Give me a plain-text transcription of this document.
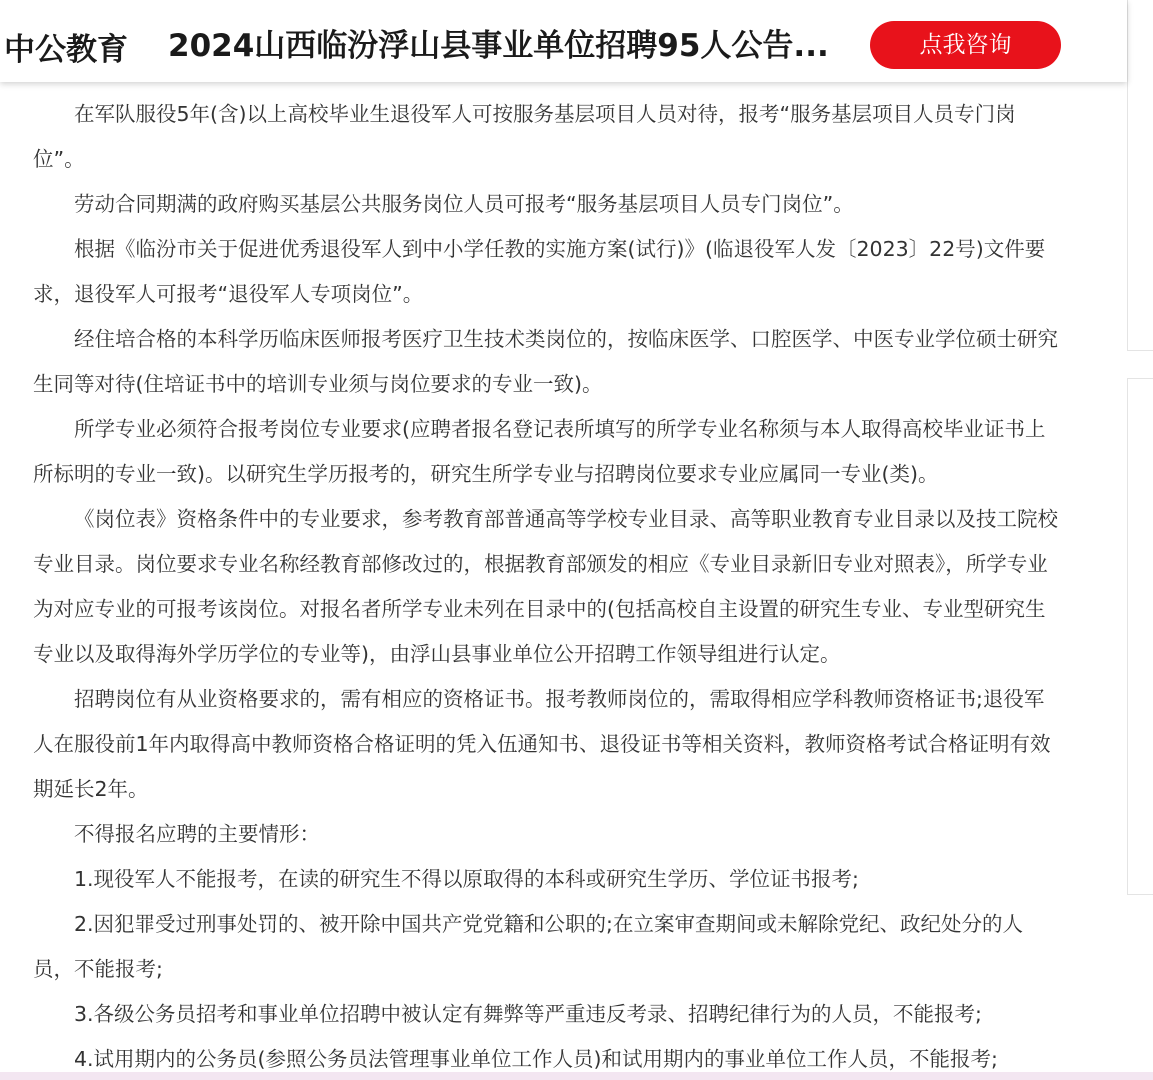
中公教育 2024山西临汾浮山县事业单位招聘95人公告...	点我咨询

在军队服役5年(含)以上高校毕业生退役军人可按服务基层项目人员对待，报考“服务基层项目人员专门岗位”。

劳动合同期满的政府购买基层公共服务岗位人员可报考“服务基层项目人员专门岗位”。

根据《临汾市关于促进优秀退役军人到中小学任教的实施方案(试行)》(临退役军人发〔2023〕22号)文件要求，退役军人可报考“退役军人专项岗位”。

经住培合格的本科学历临床医师报考医疗卫生技术类岗位的，按临床医学、口腔医学、中医专业学位硕士研究生同等对待(住培证书中的培训专业须与岗位要求的专业一致)。

所学专业必须符合报考岗位专业要求(应聘者报名登记表所填写的所学专业名称须与本人取得高校毕业证书上所标明的专业一致)。以研究生学历报考的，研究生所学专业与招聘岗位要求专业应属同一专业(类)。

《岗位表》资格条件中的专业要求，参考教育部普通高等学校专业目录、高等职业教育专业目录以及技工院校专业目录。岗位要求专业名称经教育部修改过的，根据教育部颁发的相应《专业目录新旧专业对照表》，所学专业为对应专业的可报考该岗位。对报名者所学专业未列在目录中的(包括高校自主设置的研究生专业、专业型研究生专业以及取得海外学历学位的专业等)，由浮山县事业单位公开招聘工作领导组进行认定。

招聘岗位有从业资格要求的，需有相应的资格证书。报考教师岗位的，需取得相应学科教师资格证书;退役军人在服役前1年内取得高中教师资格合格证明的凭入伍通知书、退役证书等相关资料，教师资格考试合格证明有效期延长2年。

不得报名应聘的主要情形：

1.现役军人不能报考，在读的研究生不得以原取得的本科或研究生学历、学位证书报考;

2.因犯罪受过刑事处罚的、被开除中国共产党党籍和公职的;在立案审查期间或未解除党纪、政纪处分的人员，不能报考;

3.各级公务员招考和事业单位招聘中被认定有舞弊等严重违反考录、招聘纪律行为的人员，不能报考;

4.试用期内的公务员(参照公务员法管理事业单位工作人员)和试用期内的事业单位工作人员，不能报考;
